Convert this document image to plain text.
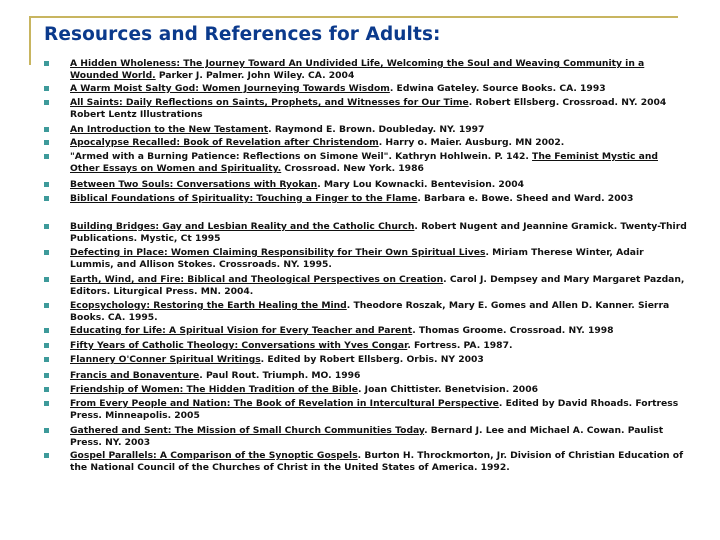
Resources and References for Adults:
A Hidden Wholeness: The Journey Toward An Undivided Life, Welcoming the Soul and Weaving Community in a Wounded World. Parker J. Palmer. John Wiley. CA. 2004
A Warm Moist Salty God: Women Journeying Towards Wisdom. Edwina Gateley. Source Books. CA. 1993
All Saints: Daily Reflections on Saints, Prophets, and Witnesses for Our Time. Robert Ellsberg. Crossroad. NY. 2004 Robert Lentz Illustrations
An Introduction to the New Testament. Raymond E. Brown. Doubleday. NY. 1997
Apocalypse Recalled: Book of Revelation after Christendom. Harry o. Maier. Ausburg. MN 2002.
"Armed with a Burning Patience: Reflections on Simone Weil". Kathryn Hohlwein. P. 142. The Feminist Mystic and Other Essays on Women and Spirituality. Crossroad. New York. 1986
Between Two Souls: Conversations with Ryokan. Mary Lou Kownacki. Bentevision. 2004
Biblical Foundations of Spirituality: Touching a Finger to the Flame. Barbara e. Bowe. Sheed and Ward. 2003
Building Bridges: Gay and Lesbian Reality and the Catholic Church. Robert Nugent and Jeannine Gramick. Twenty-Third Publications. Mystic, Ct 1995
Defecting in Place: Women Claiming Responsibility for Their Own Spiritual Lives. Miriam Therese Winter, Adair Lummis, and Allison Stokes. Crossroads. NY. 1995.
Earth, Wind, and Fire: Biblical and Theological Perspectives on Creation. Carol J. Dempsey and Mary Margaret Pazdan, Editors. Liturgical Press. MN. 2004.
Ecopsychology: Restoring the Earth Healing the Mind. Theodore Roszak, Mary E. Gomes and Allen D. Kanner. Sierra Books. CA. 1995.
Educating for Life: A Spiritual Vision for Every Teacher and Parent. Thomas Groome. Crossroad. NY. 1998
Fifty Years of Catholic Theology: Conversations with Yves Congar. Fortress. PA. 1987.
Flannery O'Conner Spiritual Writings. Edited by Robert Ellsberg. Orbis. NY 2003
Francis and Bonaventure. Paul Rout. Triumph. MO. 1996
Friendship of Women: The Hidden Tradition of the Bible. Joan Chittister. Benetvision. 2006
From Every People and Nation: The Book of Revelation in Intercultural Perspective. Edited by David Rhoads. Fortress Press. Minneapolis. 2005
Gathered and Sent: The Mission of Small Church Communities Today. Bernard J. Lee and Michael A. Cowan. Paulist Press. NY. 2003
Gospel Parallels: A Comparison of the Synoptic Gospels. Burton H. Throckmorton, Jr. Division of Christian Education of the National Council of the Churches of Christ in the United States of America. 1992.
